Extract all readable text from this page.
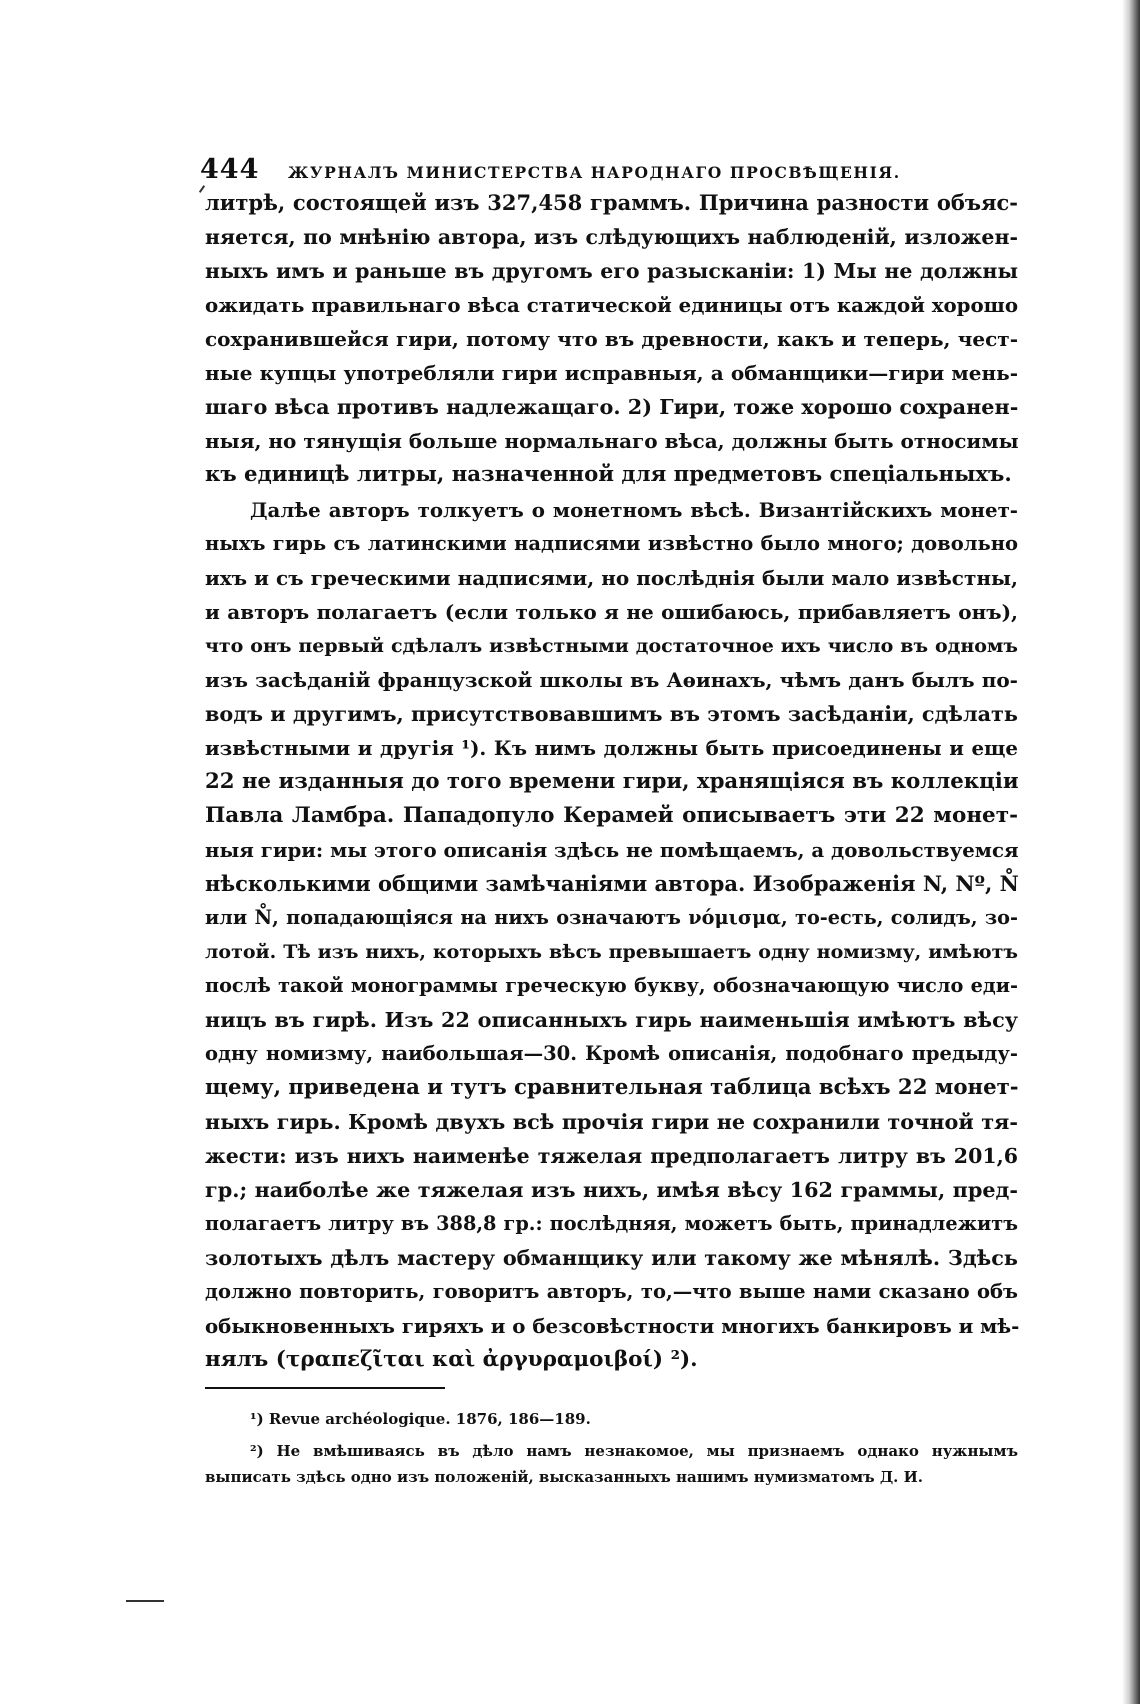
444	ЖУРНАЛЪ МИНИСТЕРСТВА НАРОДНАГО ПРОСВѢЩЕНІЯ.
литрѣ, состоящей изъ 327,458 граммъ. Причина разности объяс-
няется, по мнѣнію автора, изъ слѣдующихъ наблюденій, изложен-
ныхъ имъ и раньше въ другомъ его разысканіи: 1) Мы не должны
ожидать правильнаго вѣса статической единицы отъ каждой хорошо
сохранившейся гири, потому что въ древности, какъ и теперь, чест-
ные купцы употребляли гири исправныя, а обманщики—гири мень-
шаго вѣса противъ надлежащаго. 2) Гири, тоже хорошо сохранен-
ныя, но тянущія больше нормальнаго вѣса, должны быть относимы
къ единицѣ литры, назначенной для предметовъ спеціальныхъ.
Далѣе авторъ толкуетъ о монетномъ вѣсѣ. Византійскихъ монет-
ныхъ гирь съ латинскими надписями извѣстно было много; довольно
ихъ и съ греческими надписями, но послѣднія были мало извѣстны,
и авторъ полагаетъ (если только я не ошибаюсь, прибавляетъ онъ),
что онъ первый сдѣлалъ извѣстными достаточное ихъ число въ одномъ
изъ засѣданій французской школы въ Аѳинахъ, чѣмъ данъ былъ по-
водъ и другимъ, присутствовавшимъ въ этомъ засѣданіи, сдѣлать
извѣстными и другія ¹). Къ нимъ должны быть присоединены и еще
22 не изданныя до того времени гири, хранящіяся въ коллекціи
Павла Ламбра. Пападопуло Керамей описываетъ эти 22 монет-
ныя гири: мы этого описанія здѣсь не помѣщаемъ, а довольствуемся
нѣсколькими общими замѣчаніями автора. Изображенія N, Nº, N̊
или N̊, попадающіяся на нихъ означаютъ νόμισμα, то-есть, солидъ, зо-
лотой. Тѣ изъ нихъ, которыхъ вѣсъ превышаетъ одну номизму, имѣютъ
послѣ такой монограммы греческую букву, обозначающую число еди-
ницъ въ гирѣ. Изъ 22 описанныхъ гирь наименьшія имѣютъ вѣсу
одну номизму, наибольшая—30. Кромѣ описанія, подобнаго предыду-
щему, приведена и тутъ сравнительная таблица всѣхъ 22 монет-
ныхъ гирь. Кромѣ двухъ всѣ прочія гири не сохранили точной тя-
жести: изъ нихъ наименѣе тяжелая предполагаетъ литру въ 201,6
гр.; наиболѣе же тяжелая изъ нихъ, имѣя вѣсу 162 граммы, пред-
полагаетъ литру въ 388,8 гр.: послѣдняя, можетъ быть, принадлежитъ
золотыхъ дѣлъ мастеру обманщику или такому же мѣнялѣ. Здѣсь
должно повторить, говоритъ авторъ, то,—что выше нами сказано объ
обыкновенныхъ гиряхъ и о безсовѣстности многихъ банкировъ и мѣ-
нялъ (τραπεζῖται καὶ ἀργυραμοιβοί) ²).
¹) Revue archéologique. 1876, 186—189.
²) Не вмѣшиваясь въ дѣло намъ незнакомое, мы признаемъ однако нужнымъ
выписать здѣсь одно изъ положеній, высказанныхъ нашимъ нумизматомъ Д. И.
